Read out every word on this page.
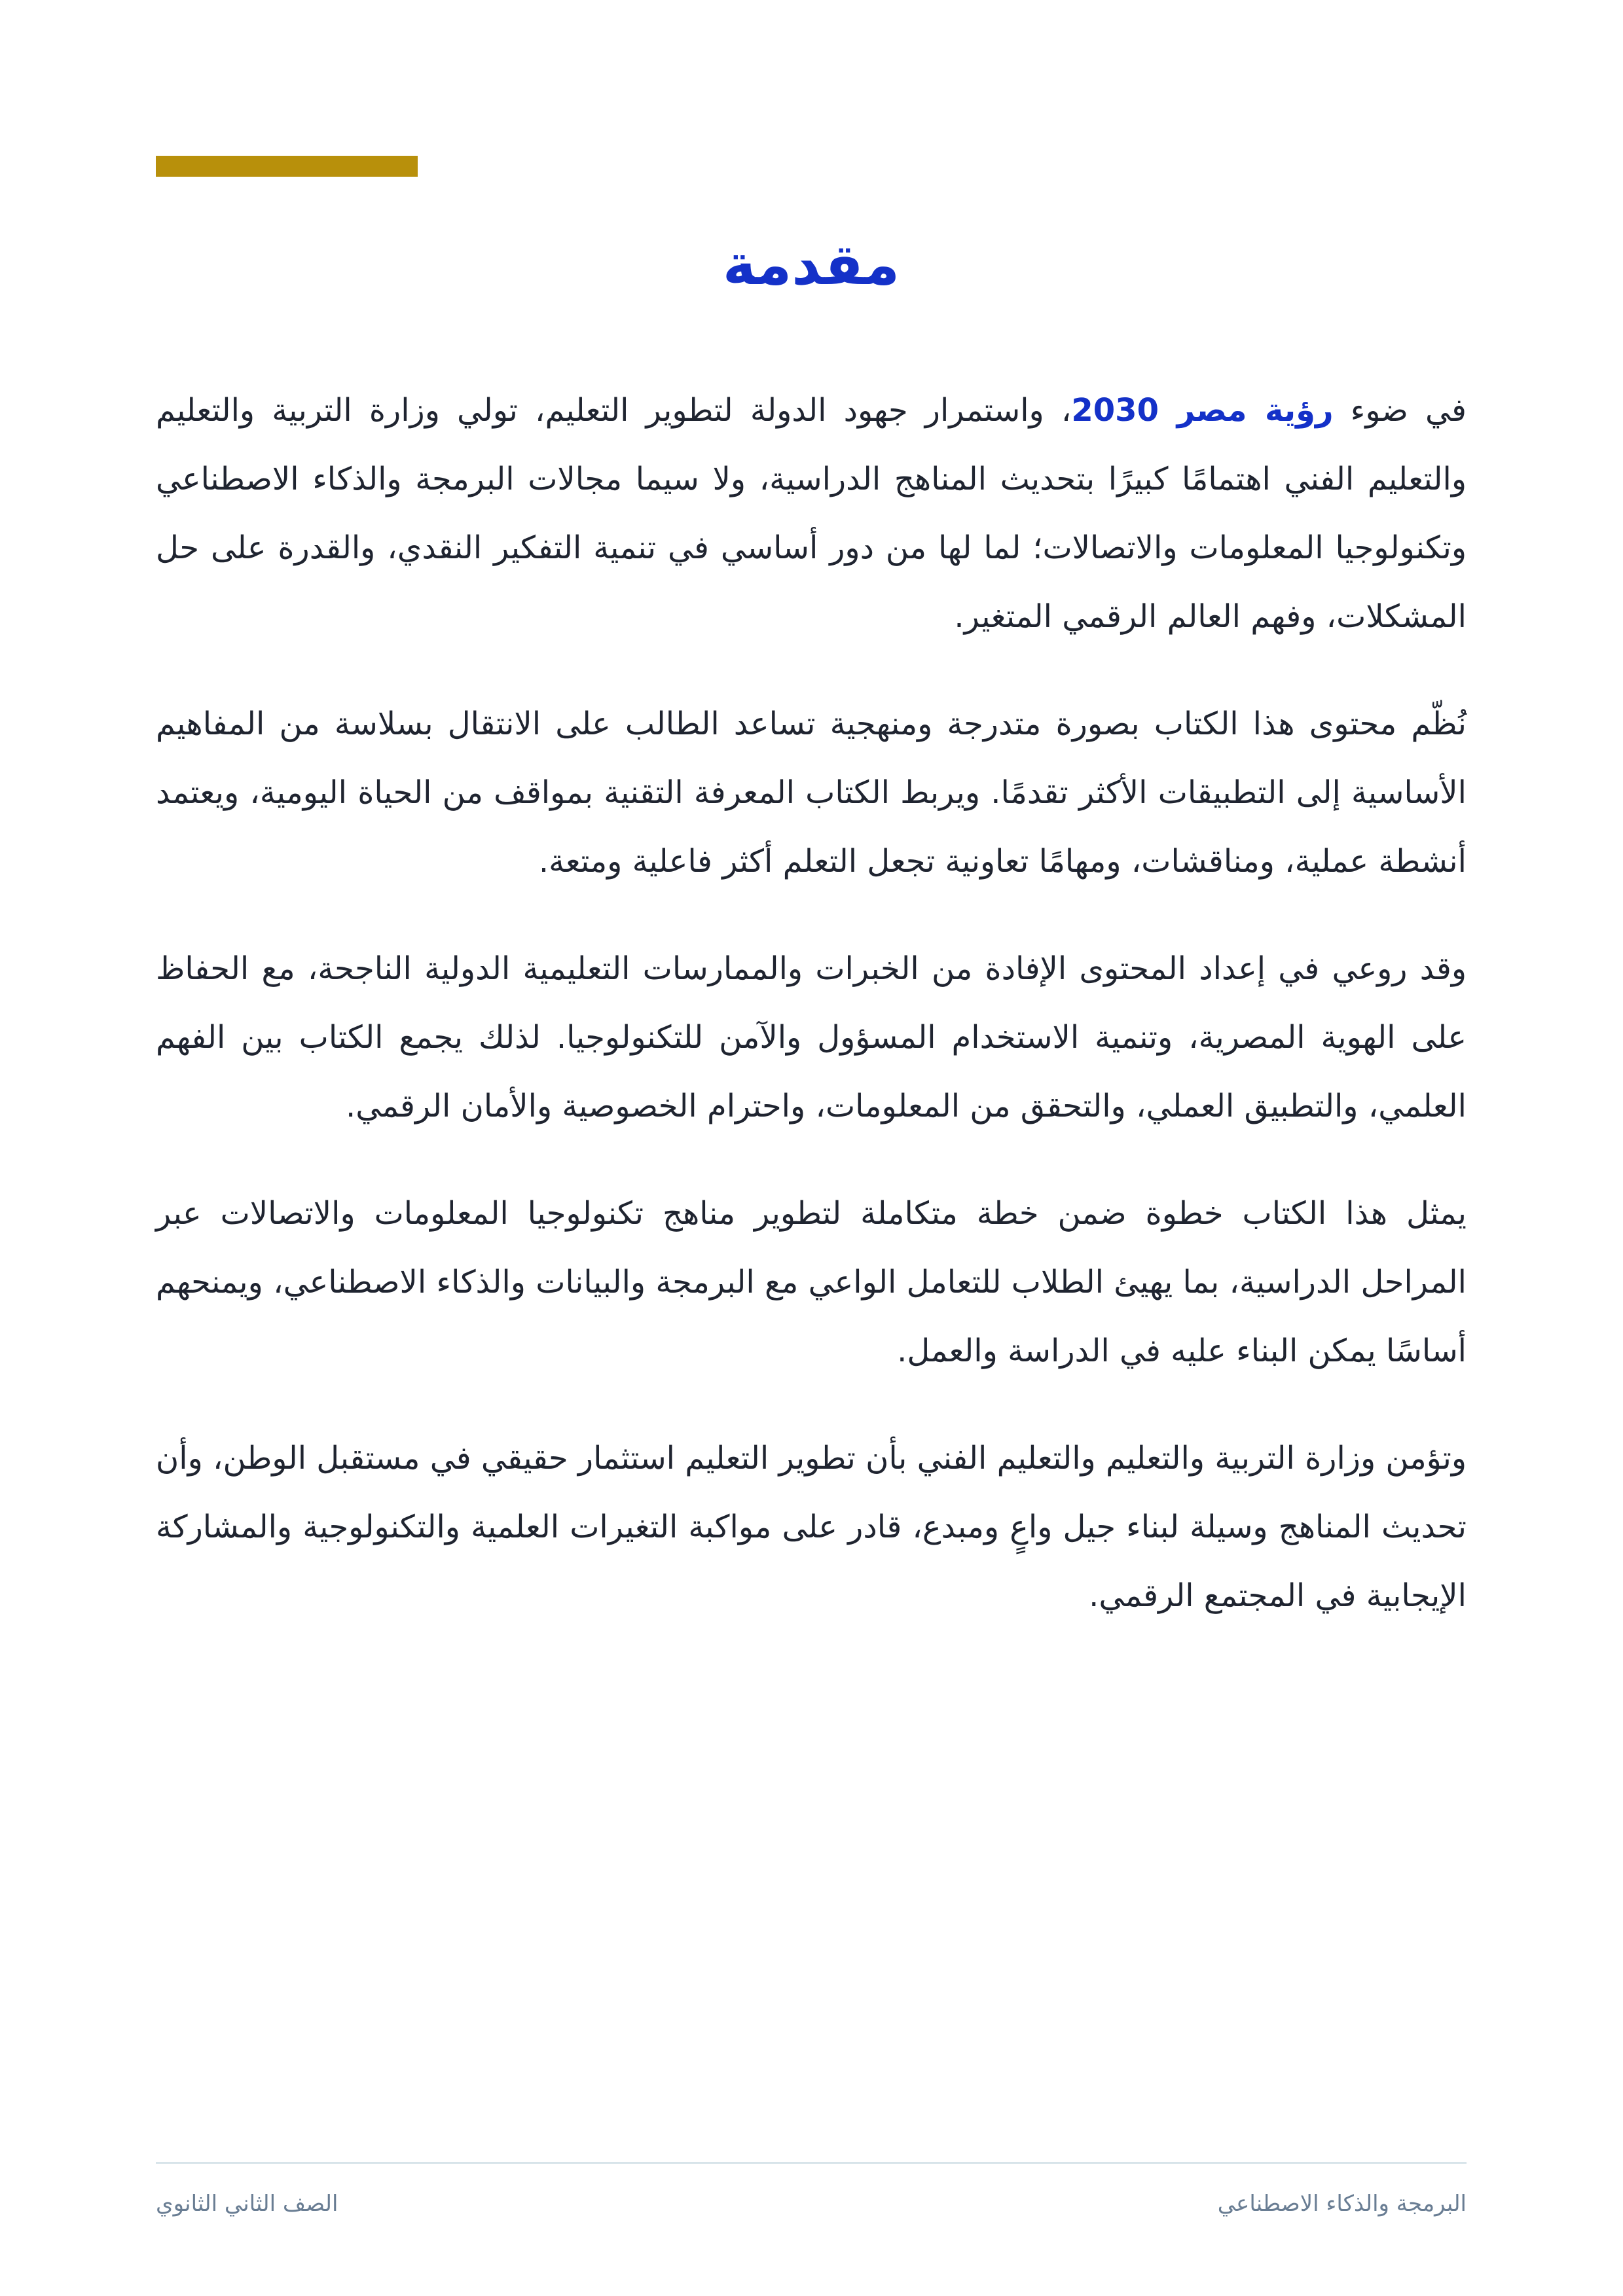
مقدمة

في ضوء رؤية مصر 2030، واستمرار جهود الدولة لتطوير التعليم، تولي وزارة التربية والتعليم والتعليم الفني اهتمامًا كبيرًا بتحديث المناهج الدراسية، ولا سيما مجالات البرمجة والذكاء الاصطناعي وتكنولوجيا المعلومات والاتصالات؛ لما لها من دور أساسي في تنمية التفكير النقدي، والقدرة على حل المشكلات، وفهم العالم الرقمي المتغير.

نُظّم محتوى هذا الكتاب بصورة متدرجة ومنهجية تساعد الطالب على الانتقال بسلاسة من المفاهيم الأساسية إلى التطبيقات الأكثر تقدمًا. ويربط الكتاب المعرفة التقنية بمواقف من الحياة اليومية، ويعتمد أنشطة عملية، ومناقشات، ومهامًا تعاونية تجعل التعلم أكثر فاعلية ومتعة.

وقد روعي في إعداد المحتوى الإفادة من الخبرات والممارسات التعليمية الدولية الناجحة، مع الحفاظ على الهوية المصرية، وتنمية الاستخدام المسؤول والآمن للتكنولوجيا. لذلك يجمع الكتاب بين الفهم العلمي، والتطبيق العملي، والتحقق من المعلومات، واحترام الخصوصية والأمان الرقمي.

يمثل هذا الكتاب خطوة ضمن خطة متكاملة لتطوير مناهج تكنولوجيا المعلومات والاتصالات عبر المراحل الدراسية، بما يهيئ الطلاب للتعامل الواعي مع البرمجة والبيانات والذكاء الاصطناعي، ويمنحهم أساسًا يمكن البناء عليه في الدراسة والعمل.

وتؤمن وزارة التربية والتعليم والتعليم الفني بأن تطوير التعليم استثمار حقيقي في مستقبل الوطن، وأن تحديث المناهج وسيلة لبناء جيل واعٍ ومبدع، قادر على مواكبة التغيرات العلمية والتكنولوجية والمشاركة الإيجابية في المجتمع الرقمي.

البرمجة والذكاء الاصطناعي
الصف الثاني الثانوي
